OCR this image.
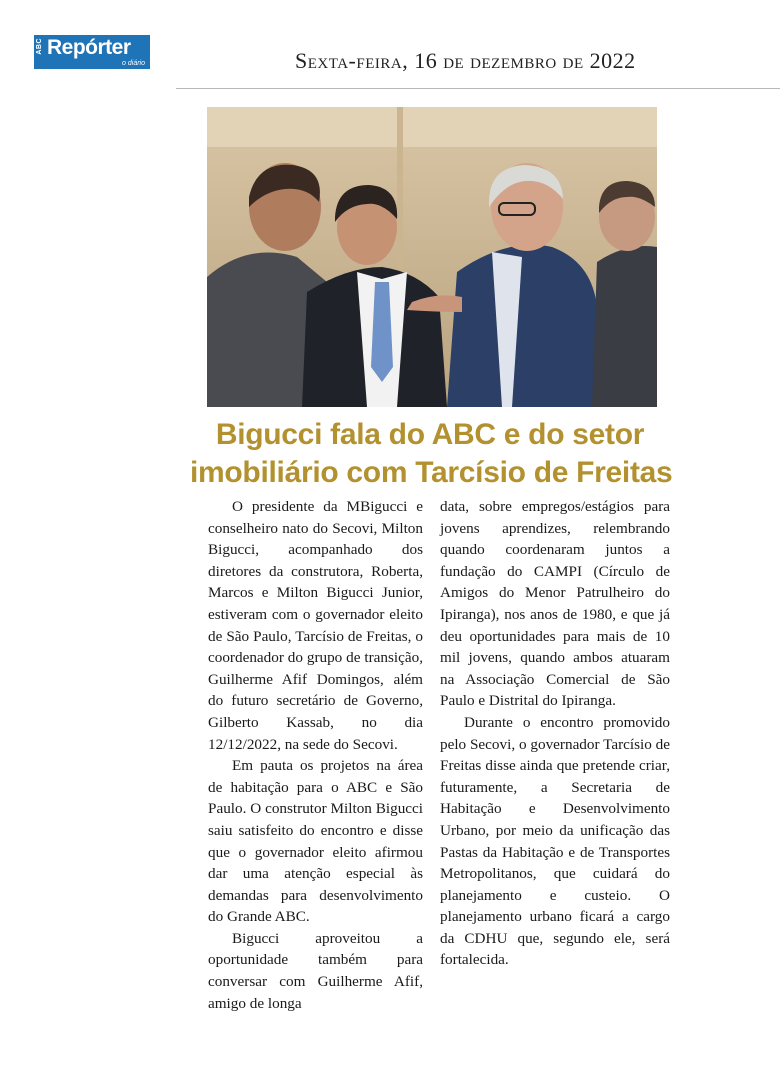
ABC Repórter
o diário	Sexta-feira, 16 de dezembro de 2022
Bigucci fala do ABC e do setor
imobiliário com Tarcísio de Freitas

O presidente da MBigucci e conselheiro nato do Secovi, Milton Bigucci, acompanhado dos diretores da construtora, Roberta, Marcos e Milton Bigucci Junior, estiveram com o governador eleito de São Paulo, Tarcísio de Freitas, o coordenador do grupo de transição, Guilherme Afif Domingos, além do futuro secretário de Governo, Gilberto Kassab, no dia 12/12/2022, na sede do Secovi.

Em pauta os projetos na área de habitação para o ABC e São Paulo. O construtor Milton Bigucci saiu satisfeito do encontro e disse que o governador eleito afirmou dar uma atenção especial às demandas para desenvolvimento do Grande ABC.

Bigucci aproveitou a oportunidade também para conversar com Guilherme Afif, amigo de longa

data, sobre empregos/estágios para jovens aprendizes, relembrando quando coordenaram juntos a fundação do CAMPI (Círculo de Amigos do Menor Patrulheiro do Ipiranga), nos anos de 1980, e que já deu oportunidades para mais de 10 mil jovens, quando ambos atuaram na Associação Comercial de São Paulo e Distrital do Ipiranga.

Durante o encontro promovido pelo Secovi, o governador Tarcísio de Freitas disse ainda que pretende criar, futuramente, a Secretaria de Habitação e Desenvolvimento Urbano, por meio da unificação das Pastas da Habitação e de Transportes Metropolitanos, que cuidará do planejamento e custeio. O planejamento urbano ficará a cargo da CDHU que, segundo ele, será fortalecida.
